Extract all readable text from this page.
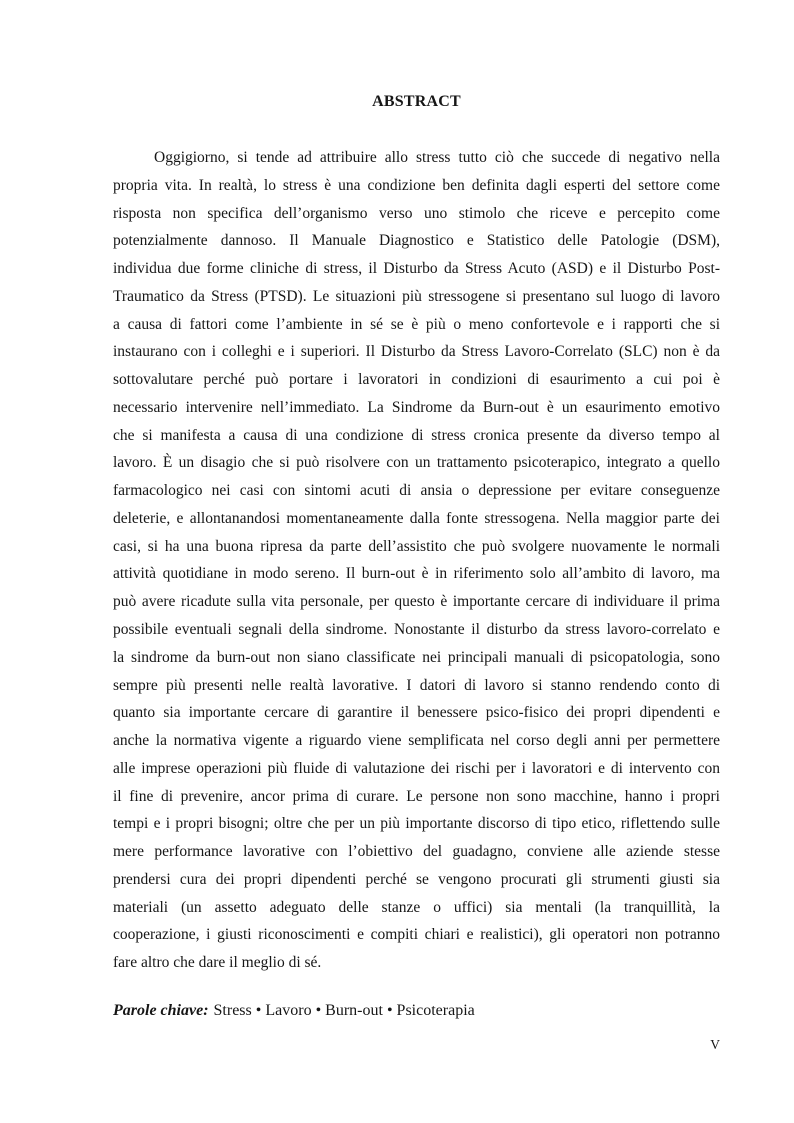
ABSTRACT
Oggigiorno, si tende ad attribuire allo stress tutto ciò che succede di negativo nella
propria vita. In realtà, lo stress è una condizione ben definita dagli esperti del settore come
risposta non specifica dell’organismo verso uno stimolo che riceve e percepito come
potenzialmente dannoso. Il Manuale Diagnostico e Statistico delle Patologie (DSM),
individua due forme cliniche di stress, il Disturbo da Stress Acuto (ASD) e il Disturbo Post-
Traumatico da Stress (PTSD). Le situazioni più stressogene si presentano sul luogo di lavoro
a causa di fattori come l’ambiente in sé se è più o meno confortevole e i rapporti che si
instaurano con i colleghi e i superiori. Il Disturbo da Stress Lavoro-Correlato (SLC) non è da
sottovalutare perché può portare i lavoratori in condizioni di esaurimento a cui poi è
necessario intervenire nell’immediato. La Sindrome da Burn-out è un esaurimento emotivo
che si manifesta a causa di una condizione di stress cronica presente da diverso tempo al
lavoro. È un disagio che si può risolvere con un trattamento psicoterapico, integrato a quello
farmacologico nei casi con sintomi acuti di ansia o depressione per evitare conseguenze
deleterie, e allontanandosi momentaneamente dalla fonte stressogena. Nella maggior parte dei
casi, si ha una buona ripresa da parte dell’assistito che può svolgere nuovamente le normali
attività quotidiane in modo sereno. Il burn-out è in riferimento solo all’ambito di lavoro, ma
può avere ricadute sulla vita personale, per questo è importante cercare di individuare il prima
possibile eventuali segnali della sindrome. Nonostante il disturbo da stress lavoro-correlato e
la sindrome da burn-out non siano classificate nei principali manuali di psicopatologia, sono
sempre più presenti nelle realtà lavorative. I datori di lavoro si stanno rendendo conto di
quanto sia importante cercare di garantire il benessere psico-fisico dei propri dipendenti e
anche la normativa vigente a riguardo viene semplificata nel corso degli anni per permettere
alle imprese operazioni più fluide di valutazione dei rischi per i lavoratori e di intervento con
il fine di prevenire, ancor prima di curare. Le persone non sono macchine, hanno i propri
tempi e i propri bisogni; oltre che per un più importante discorso di tipo etico, riflettendo sulle
mere performance lavorative con l’obiettivo del guadagno, conviene alle aziende stesse
prendersi cura dei propri dipendenti perché se vengono procurati gli strumenti giusti sia
materiali (un assetto adeguato delle stanze o uffici) sia mentali (la tranquillità, la
cooperazione, i giusti riconoscimenti e compiti chiari e realistici), gli operatori non potranno
fare altro che dare il meglio di sé.

Parole chiave: Stress • Lavoro • Burn-out • Psicoterapia

V
